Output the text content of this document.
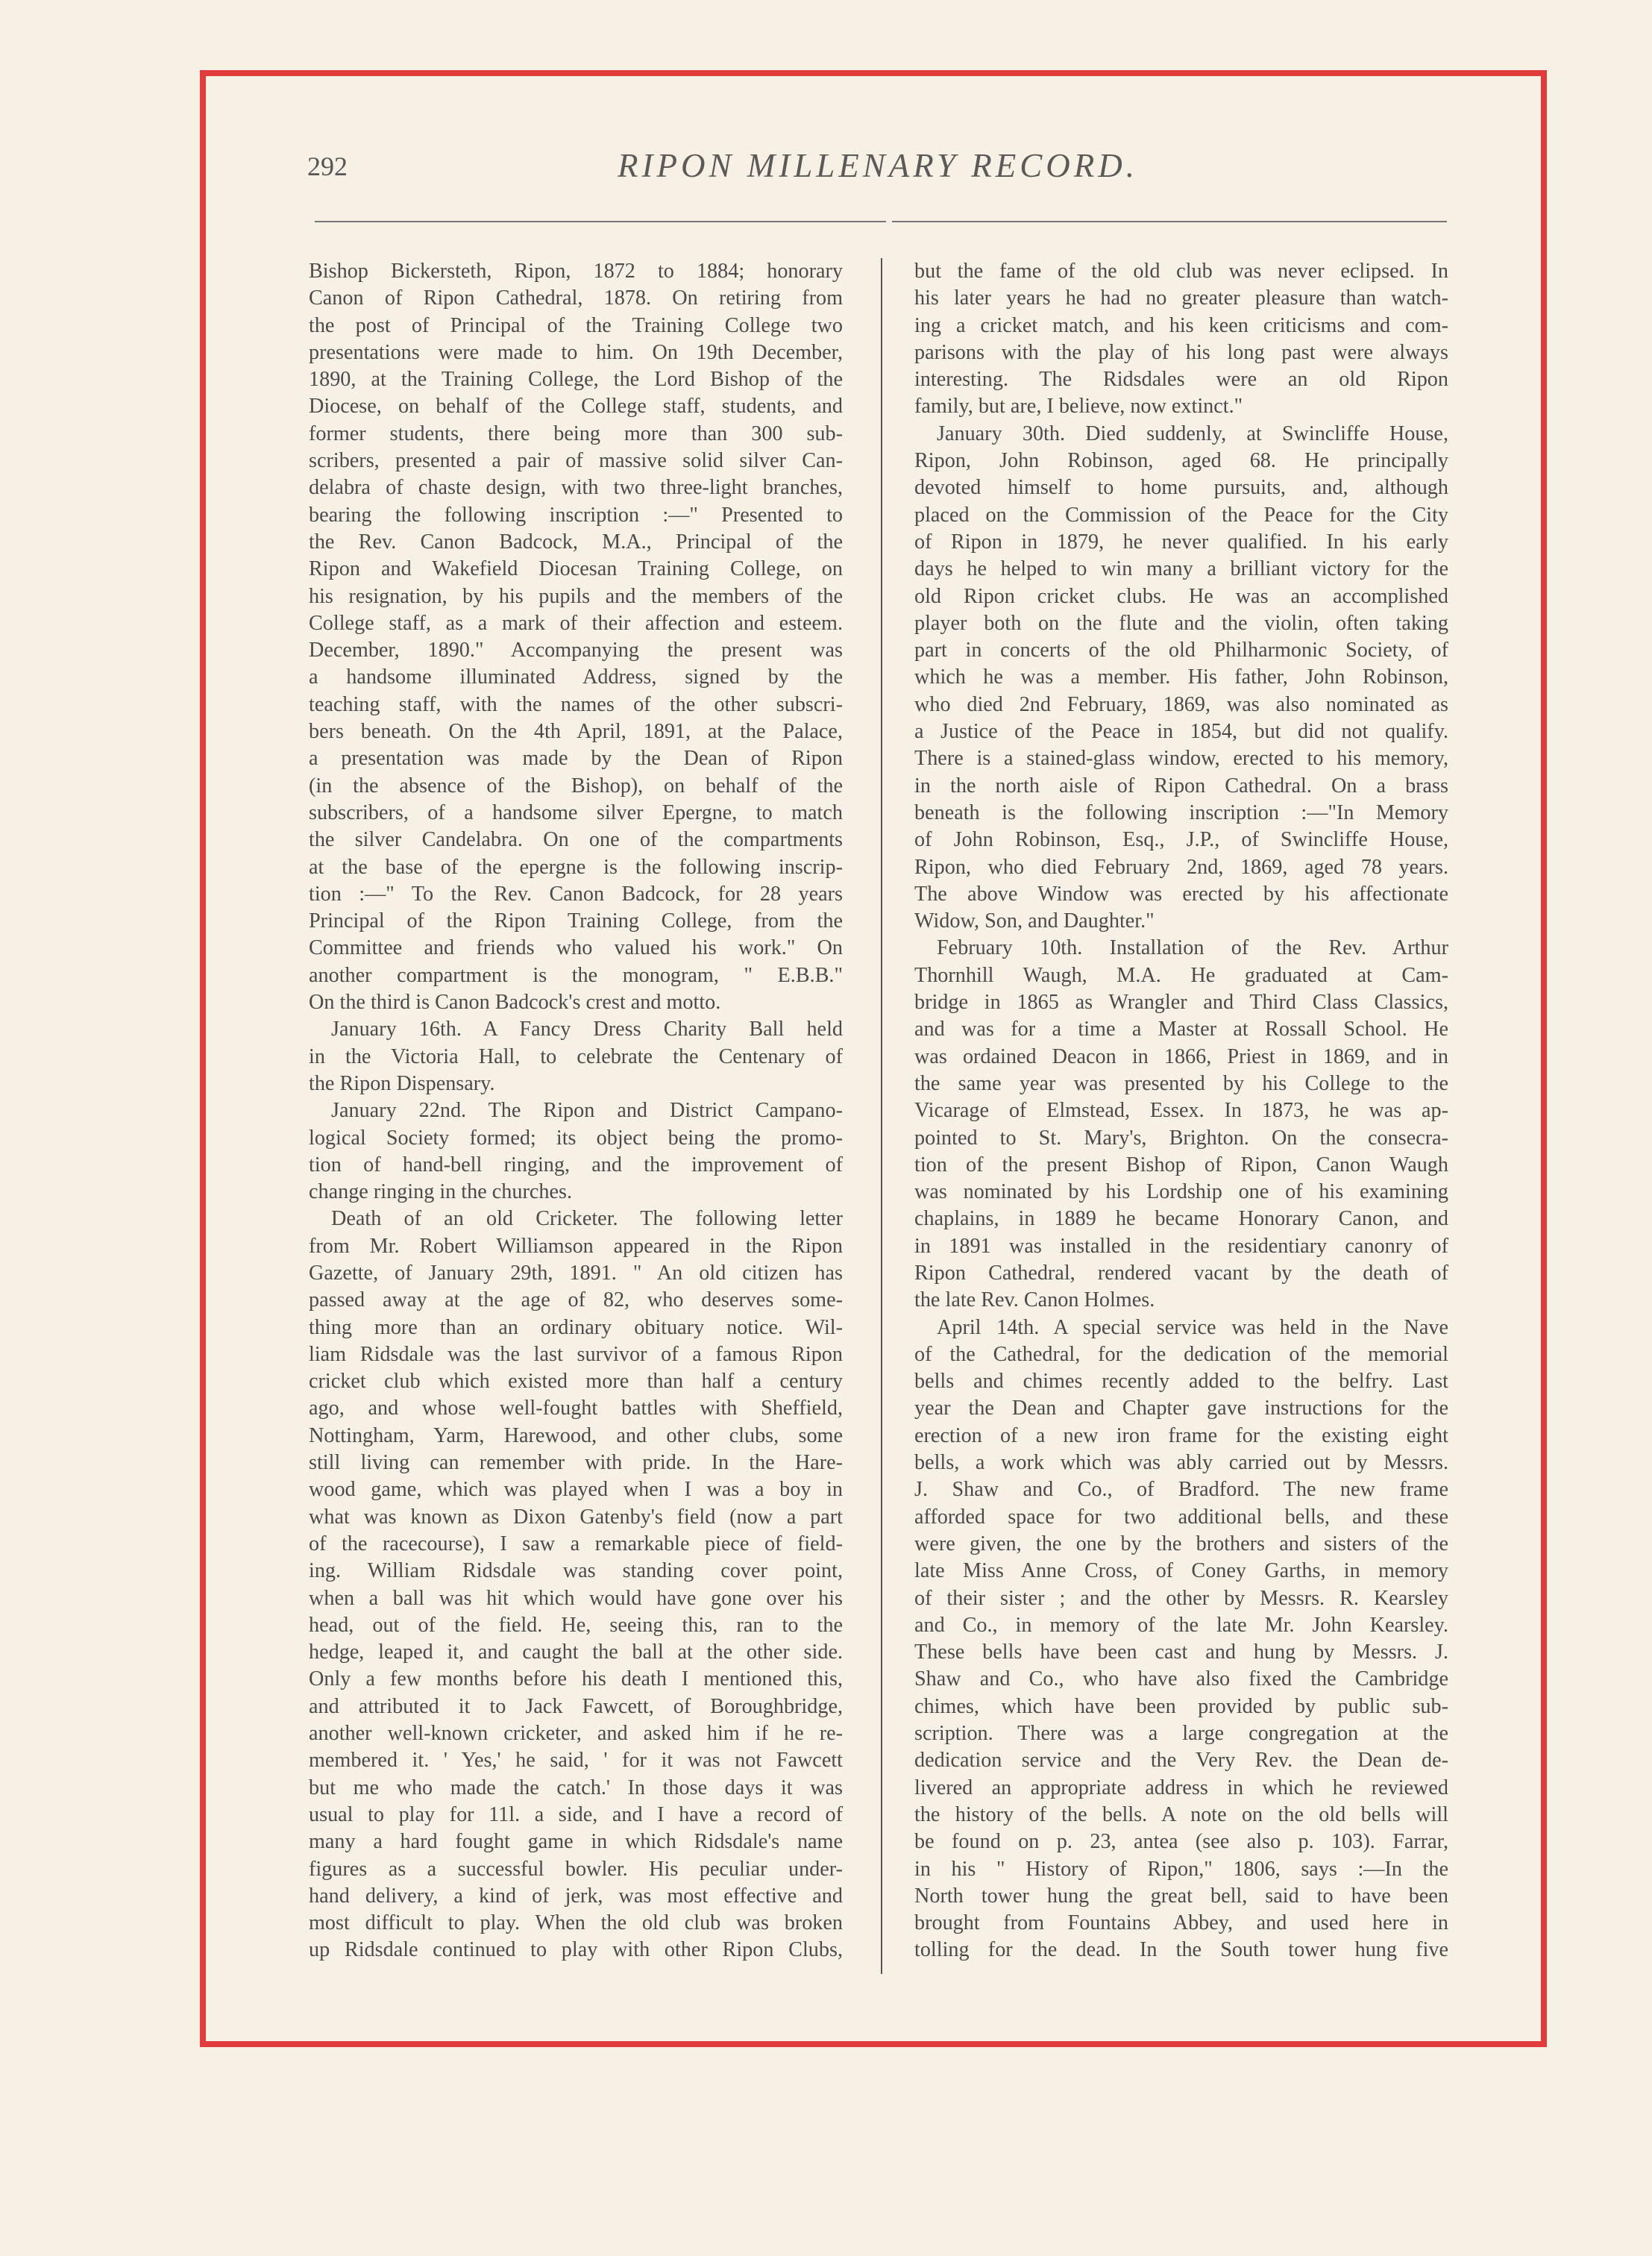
292	RIPON MILLENARY RECORD.
Bishop Bickersteth, Ripon, 1872 to 1884; honorary
Canon of Ripon Cathedral, 1878. On retiring from
the post of Principal of the Training College two
presentations were made to him. On 19th December,
1890, at the Training College, the Lord Bishop of the
Diocese, on behalf of the College staff, students, and
former students, there being more than 300 sub-
scribers, presented a pair of massive solid silver Can-
delabra of chaste design, with two three-light branches,
bearing the following inscription :—" Presented to
the Rev. Canon Badcock, M.A., Principal of the
Ripon and Wakefield Diocesan Training College, on
his resignation, by his pupils and the members of the
College staff, as a mark of their affection and esteem.
December, 1890." Accompanying the present was
a handsome illuminated Address, signed by the
teaching staff, with the names of the other subscri-
bers beneath. On the 4th April, 1891, at the Palace,
a presentation was made by the Dean of Ripon
(in the absence of the Bishop), on behalf of the
subscribers, of a handsome silver Epergne, to match
the silver Candelabra. On one of the compartments
at the base of the epergne is the following inscrip-
tion :—" To the Rev. Canon Badcock, for 28 years
Principal of the Ripon Training College, from the
Committee and friends who valued his work." On
another compartment is the monogram, " E.B.B."
On the third is Canon Badcock's crest and motto.
January 16th. A Fancy Dress Charity Ball held
in the Victoria Hall, to celebrate the Centenary of
the Ripon Dispensary.
January 22nd. The Ripon and District Campano-
logical Society formed; its object being the promo-
tion of hand-bell ringing, and the improvement of
change ringing in the churches.
Death of an old Cricketer. The following letter
from Mr. Robert Williamson appeared in the Ripon
Gazette, of January 29th, 1891. " An old citizen has
passed away at the age of 82, who deserves some-
thing more than an ordinary obituary notice. Wil-
liam Ridsdale was the last survivor of a famous Ripon
cricket club which existed more than half a century
ago, and whose well-fought battles with Sheffield,
Nottingham, Yarm, Harewood, and other clubs, some
still living can remember with pride. In the Hare-
wood game, which was played when I was a boy in
what was known as Dixon Gatenby's field (now a part
of the racecourse), I saw a remarkable piece of field-
ing. William Ridsdale was standing cover point,
when a ball was hit which would have gone over his
head, out of the field. He, seeing this, ran to the
hedge, leaped it, and caught the ball at the other side.
Only a few months before his death I mentioned this,
and attributed it to Jack Fawcett, of Boroughbridge,
another well-known cricketer, and asked him if he re-
membered it. ' Yes,' he said, ' for it was not Fawcett
but me who made the catch.' In those days it was
usual to play for 11l. a side, and I have a record of
many a hard fought game in which Ridsdale's name
figures as a successful bowler. His peculiar under-
hand delivery, a kind of jerk, was most effective and
most difficult to play. When the old club was broken
up Ridsdale continued to play with other Ripon Clubs,
but the fame of the old club was never eclipsed. In
his later years he had no greater pleasure than watch-
ing a cricket match, and his keen criticisms and com-
parisons with the play of his long past were always
interesting. The Ridsdales were an old Ripon
family, but are, I believe, now extinct."
January 30th. Died suddenly, at Swincliffe House,
Ripon, John Robinson, aged 68. He principally
devoted himself to home pursuits, and, although
placed on the Commission of the Peace for the City
of Ripon in 1879, he never qualified. In his early
days he helped to win many a brilliant victory for the
old Ripon cricket clubs. He was an accomplished
player both on the flute and the violin, often taking
part in concerts of the old Philharmonic Society, of
which he was a member. His father, John Robinson,
who died 2nd February, 1869, was also nominated as
a Justice of the Peace in 1854, but did not qualify.
There is a stained-glass window, erected to his memory,
in the north aisle of Ripon Cathedral. On a brass
beneath is the following inscription :—"In Memory
of John Robinson, Esq., J.P., of Swincliffe House,
Ripon, who died February 2nd, 1869, aged 78 years.
The above Window was erected by his affectionate
Widow, Son, and Daughter."
February 10th. Installation of the Rev. Arthur
Thornhill Waugh, M.A. He graduated at Cam-
bridge in 1865 as Wrangler and Third Class Classics,
and was for a time a Master at Rossall School. He
was ordained Deacon in 1866, Priest in 1869, and in
the same year was presented by his College to the
Vicarage of Elmstead, Essex. In 1873, he was ap-
pointed to St. Mary's, Brighton. On the consecra-
tion of the present Bishop of Ripon, Canon Waugh
was nominated by his Lordship one of his examining
chaplains, in 1889 he became Honorary Canon, and
in 1891 was installed in the residentiary canonry of
Ripon Cathedral, rendered vacant by the death of
the late Rev. Canon Holmes.
April 14th. A special service was held in the Nave
of the Cathedral, for the dedication of the memorial
bells and chimes recently added to the belfry. Last
year the Dean and Chapter gave instructions for the
erection of a new iron frame for the existing eight
bells, a work which was ably carried out by Messrs.
J. Shaw and Co., of Bradford. The new frame
afforded space for two additional bells, and these
were given, the one by the brothers and sisters of the
late Miss Anne Cross, of Coney Garths, in memory
of their sister ; and the other by Messrs. R. Kearsley
and Co., in memory of the late Mr. John Kearsley.
These bells have been cast and hung by Messrs. J.
Shaw and Co., who have also fixed the Cambridge
chimes, which have been provided by public sub-
scription. There was a large congregation at the
dedication service and the Very Rev. the Dean de-
livered an appropriate address in which he reviewed
the history of the bells. A note on the old bells will
be found on p. 23, antea (see also p. 103). Farrar,
in his " History of Ripon," 1806, says :—In the
North tower hung the great bell, said to have been
brought from Fountains Abbey, and used here in
tolling for the dead. In the South tower hung five
